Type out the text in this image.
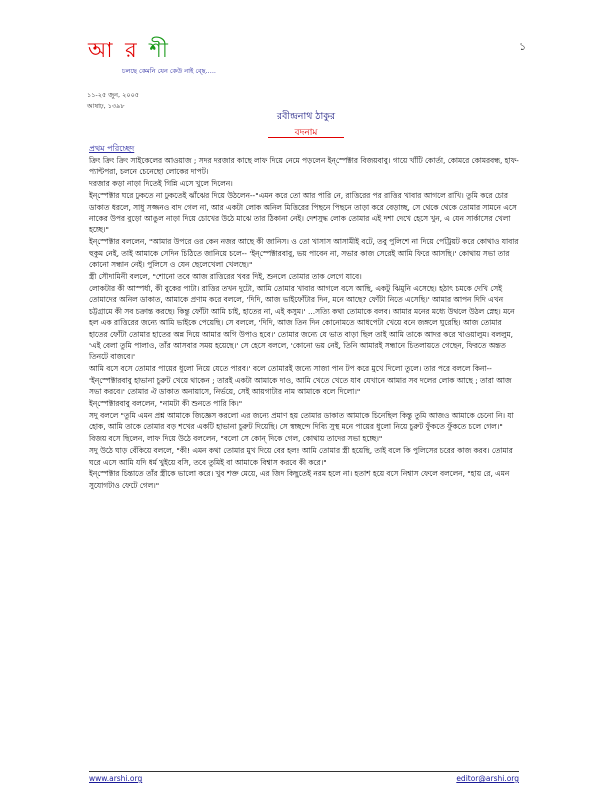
আ র শী
চলছে কেমনি যেন কেউ নাই ব্ছে.....
১
১১-২৫ জুন, ২০০৫
আষাঢ়, ১৩৯৮
রবীন্দ্রনাথ ঠাকুর
বদনাম
প্রথম পরিচ্ছেদ

ক্রিং ক্রিং ক্রিং সাইকেলের আওয়াজ ; সদর দরজার কাছে লাফ দিয়ে নেমে পড়লেন ইন্‌স্পেক্টার বিজয়বাবু। গায়ে খাঁটি কোর্তা, কোমরে কোমরবন্ধ, হাফ-প্যান্টপরা, চলনে চেনেছো লোকের দাপট।

দরজার কড়া নাড়া দিতেই গিন্নি এসে খুলে দিলেন।

ইন্‌স্পেক্টার ঘরে ঢুকতে না ঢুকতেই ঝাঁঝের দিয়ে উঠলেন--"এমন করে তো আর পারি নে, রাত্তিরের পর রাত্তির খাবার আগলে রাখি। তুমি করে চোর ডাকাত ধরলে, সাধু সজ্জনও বাদ গেল না, আর একটা লোক অনিল মিত্তিরের পিছনে পিছনে তাড়া করে বেড়াচ্ছ, সে থেকে থেকে তোমার সামনে এসে নাকের উপর বুড়ো আঙুল নাড়া দিয়ে চোখের উঠে মাঝে তার ঠিকানা নেই। দেশসুদ্ধ লোক তোমার এই দশা দেখে হেসে খুন, এ যেন সার্কাসের খেলা হচ্ছে।"

ইন্‌স্পেক্টার বললেন, "আমার উপরে ওর কেন নজর আছে কী জানিস। ও তো খাসাস আসামীই বটে, তবু পুলিশে না দিয়ে পেট্রিয়ট করে কোথাও যাবার হুকুম নেই, তাই আমাকে সেদিন চিঠিতে জানিয়ে চলে-- 'ইন্‌স্পেক্টারবাবু, ভয় পাবেন না, সভার কাজ সেরেই আমি ফিরে আসছি।' কোথায় সভা তার কোনো সন্ধান নেই। পুলিসে ও যেন ছেলেখেলা খেলছে।"

স্ত্রী সৌদামিনী বললে, "শোনো তবে আজ রাত্তিরের খবর দিই, শুনলে তোমার তাক লেগে যাবে।

লোকটার কী আস্পর্ধা, কী বুকের পাটা। রাত্তির তখন দুটো, আমি তোমার খাবার আগলে বসে আছি, একটু ঝিমুনি এসেছে। হঠাৎ চমকে দেখি সেই তোমাদের অনিল ডাকাত, আমাকে প্রণাম করে বললে, 'দিদি, আজ ভাইফোঁটার দিন, মনে আছে? ফোঁটা নিতে এসেছি।' আমার আপন দিদি এখন চট্টগ্রামে কী সব চক্রান্ত করছে। কিন্তু ফোঁটা আমি চাই, হাতের না, এই কসুম।' ...সত্যি কথা তোমাকে বলব। আমার মনের মধ্যে উথলে উঠল স্নেহ। মনে হল এক রাত্তিরের জন্যে আমি ভাইকে পেয়েছি। সে বললে, 'দিদি, আজ তিন দিন কোনোমতে আধপেটা খেয়ে বনে জঙ্গলে ঘুরেছি। আজ তোমার হাতের ফোঁটা তোমার হাতের অন্ন দিয়ে আমার অগি উপাও হবে।' তোমার জন্যে যে ভাত বাড়া ছিল তাই আমি তাকে আদর করে খাওয়ালুম। বললুম, 'এই বেলা তুমি পালাও, তাঁর আসবার সময় হয়েছে।' সে হেসে বললে, 'কোনো ভয় নেই, তিনি আমারই সন্ধানে চিতলায়তে গেছেন, ফিরতে অন্তত তিনটে বাজবে।'

আমি বসে বসে তোমার পায়ের ধুলো নিয়ে যেতে পারব।' বলে তোমারই জন্যে সাজা পান টপ করে মুখে দিলো তুলে। তার পরে বললে কিনা--'ইন্‌স্পেক্টারবাবু হাভানা চুরুট খেয়ে থাকেন ; তারই একটা আমাকে দাও, আমি খেতে খেতে যাব যেখানে আমার সব দলের লোক আছে ; তারা আজ সভা করবে।' তোমার ঐ ডাকাত অনায়াসে, নির্ভয়ে, সেই আয়গাটার নাম আমাকে বলে দিলো।"

ইন্‌স্পেক্টারবাবু বললেন, "নামটা কী শুনতে পারি কি।"

সদু বললে "তুমি এমন প্রশ্ন আমাকে জিজ্ঞেস করলো এর জন্যে প্রমাণ হয় তোমার ডাকাত আমাকে চিনেছিল কিন্তু তুমি আজও আমাকে চেনো নি। যা হোক, আমি তাকে তোমার বড় শখের একটি হাভানা চুরুট দিয়েছি। সে স্বচ্ছন্দে দিব্যি সুস্থ মনে পায়ের ধুলো নিয়ে চুরুট ফুঁকতে ফুঁকতে চলে গেল।"

বিজয় বসে ছিলেন, লাফ দিয়ে উঠে বললেন, "বলো সে কোন্‌ দিকে গেল, কোথায় তাদের সভা হচ্ছে।"

সদু উঠে ঘাড় বেঁকিয়ে বললে, "কী! এমন কথা তোমার মুখ দিয়ে বের হল! আমি তোমার স্ত্রী হয়েছি, তাই বলে কি পুলিসের চরের কাজ করব। তোমার ঘরে এসে আমি যদি ধর্ম খুইয়ে বসি, তবে তুমিই বা আমাকে বিশ্বাস করবে কী করে।"

ইন্‌স্পেক্টার চিন্তাতে তাঁর স্ত্রীকে ভালো করে। খুব শক্ত মেয়ে, এর জিদ কিছুতেই নরম হলে না। হতাশ হয়ে বসে নিশ্বাস ফেলে বললেন, "হায় রে, এমন সুযোগটাও ফেটে গেল।"

www.arshi.org	editor@arshi.org
